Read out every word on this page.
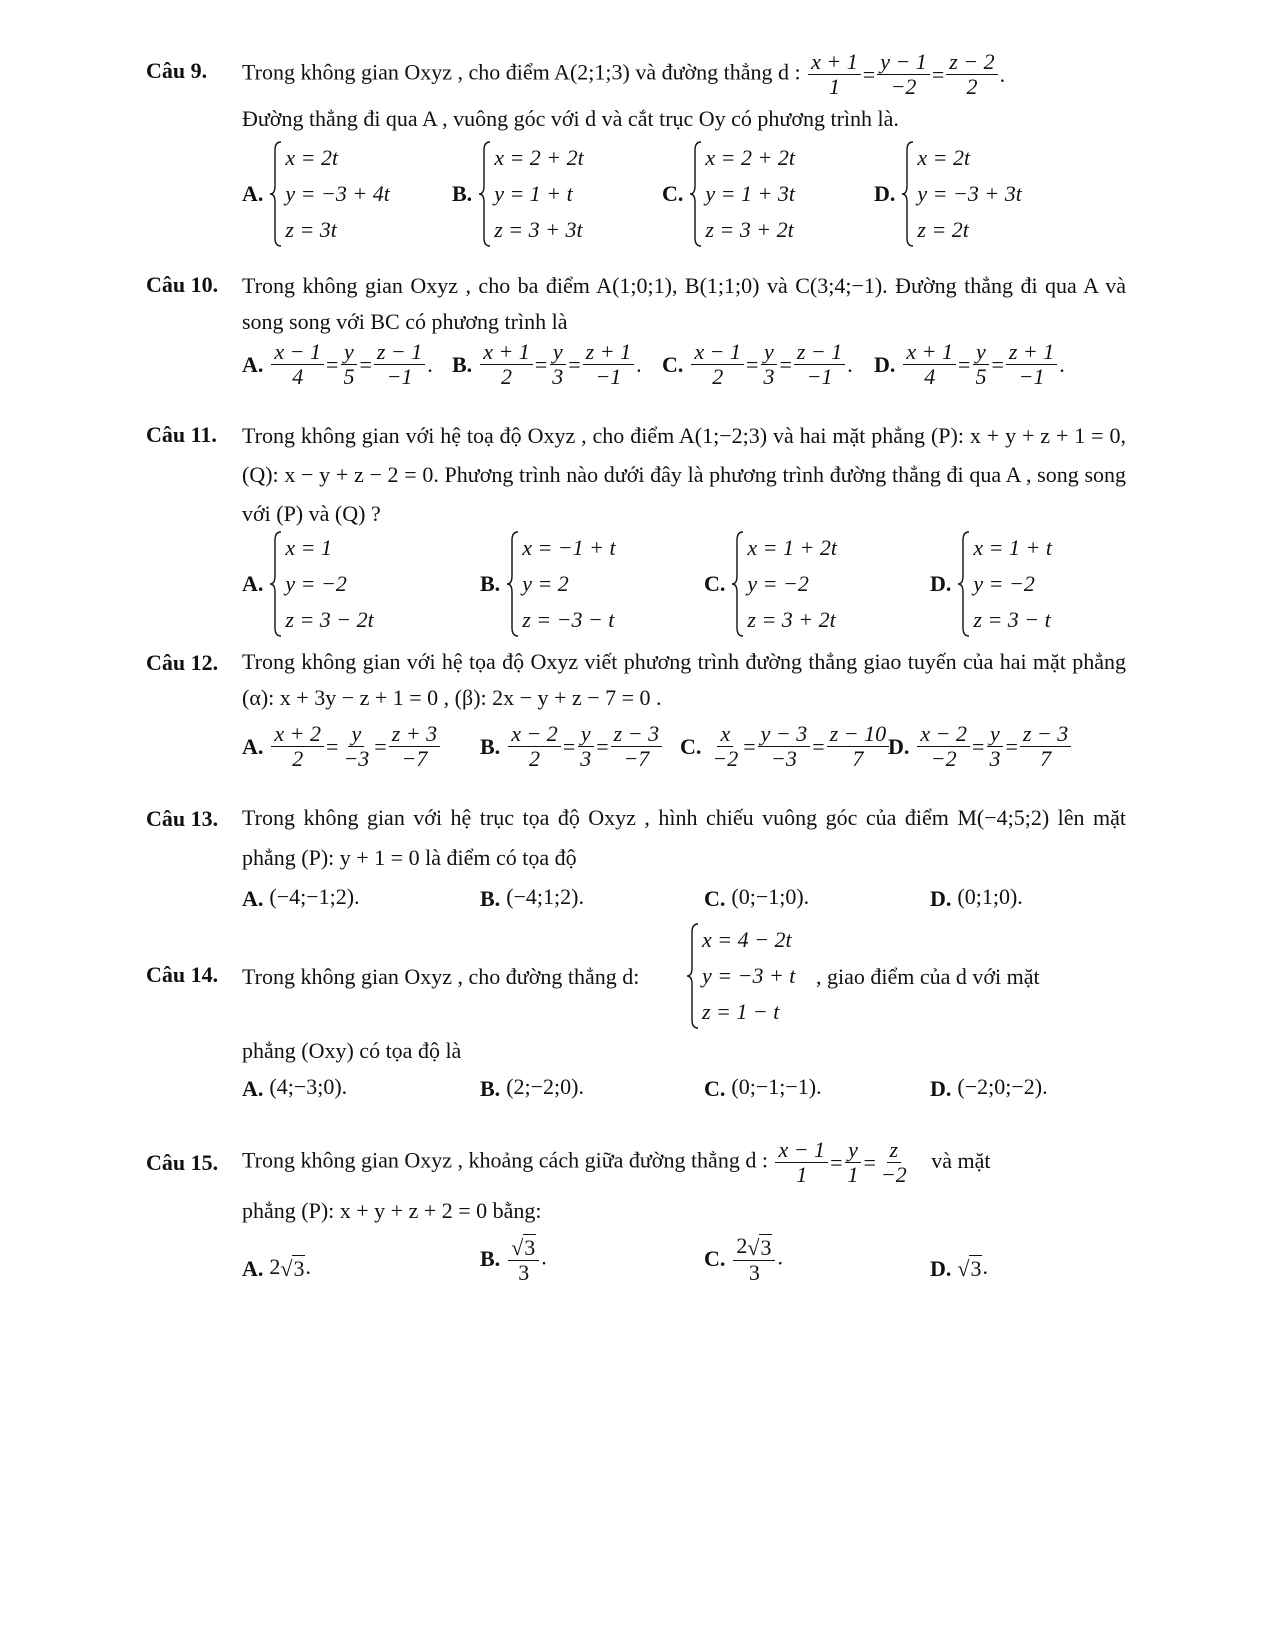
Câu 9. Trong không gian Oxyz , cho điểm A(2;1;3) và đường thẳng d : $\frac{x + 1}{1} = \frac{y - 1}{-2} = \frac{z - 2}{2}$ .
Đường thẳng đi qua A , vuông góc với d và cắt trục Oy có phương trình là.
A.
x = 2t
y = −3 + 4t
z = 3t
B.
x = 2 + 2t
y = 1 + t
z = 3 + 3t
C.
x = 2 + 2t
y = 1 + 3t
z = 3 + 2t
D.
x = 2t
y = −3 + 3t
z = 2t
Câu 10. Trong không gian Oxyz , cho ba điểm A(1;0;1), B(1;1;0) và C(3;4;−1). Đường thẳng đi qua A và song song với BC có phương trình là
A. $\frac{x - 1}{4} = \frac{y}{5} = \frac{z - 1}{-1}$ . B. $\frac{x + 1}{2} = \frac{y}{3} = \frac{z + 1}{-1}$ . C. $\frac{x - 1}{2} = \frac{y}{3} = \frac{z - 1}{-1}$ . D. $\frac{x + 1}{4} = \frac{y}{5} = \frac{z + 1}{-1}$ .
Câu 11. Trong không gian với hệ toạ độ Oxyz , cho điểm A(1;−2;3) và hai mặt phẳng (P): x + y + z + 1 = 0, (Q): x − y + z − 2 = 0. Phương trình nào dưới đây là phương trình đường thẳng đi qua A , song song với (P) và (Q) ?
A.
x = 1
y = −2
z = 3 − 2t
B.
x = −1 + t
y = 2
z = −3 − t
C.
x = 1 + 2t
y = −2
z = 3 + 2t
D.
x = 1 + t
y = −2
z = 3 − t
Câu 12. Trong không gian với hệ tọa độ Oxyz viết phương trình đường thẳng giao tuyến của hai mặt phẳng (α): x + 3y − z + 1 = 0 , (β): 2x − y + z − 7 = 0 .
A. $\frac{x + 2}{2} = \frac{y}{-3} = \frac{z + 3}{-7} B$. $\frac{x - 2}{2} = \frac{y}{3} = \frac{z - 3}{-7} C$. $\frac{x}{-2} = \frac{y - 3}{-3} = \frac{z - 10}{7}$
D. $\frac{x - 2}{-2} = \frac{y}{3} = \frac{z - 3}{7}$
Câu 13. Trong không gian với hệ trục tọa độ Oxyz , hình chiếu vuông góc của điểm M(−4;5;2) lên mặt phẳng (P): y + 1 = 0 là điểm có tọa độ
A. (−4;−1;2).	B. (−4;1;2).	C. (0;−1;0).	D. (0;1;0).
Câu 14. Trong không gian Oxyz , cho đường thẳng d:
x = 4 − 2t
y = −3 + t
z = 1 − t
, giao điểm của d với mặt
phẳng (Oxy) có tọa độ là
A. (4;−3;0).	B. (2;−2;0).	C. (0;−1;−1).	D. (−2;0;−2).
Câu 15. Trong không gian Oxyz , khoảng cách giữa đường thẳng d : $\frac{x - 1}{1} = \frac{y}{1} = \frac{z}{-2}$ và mặt
phẳng (P): x + y + z + 2 = 0 bằng:
A. 2√3.	B. $\frac{√3}{3}$ .	C. $\frac{2√3}{3}$ .	D. √3.
